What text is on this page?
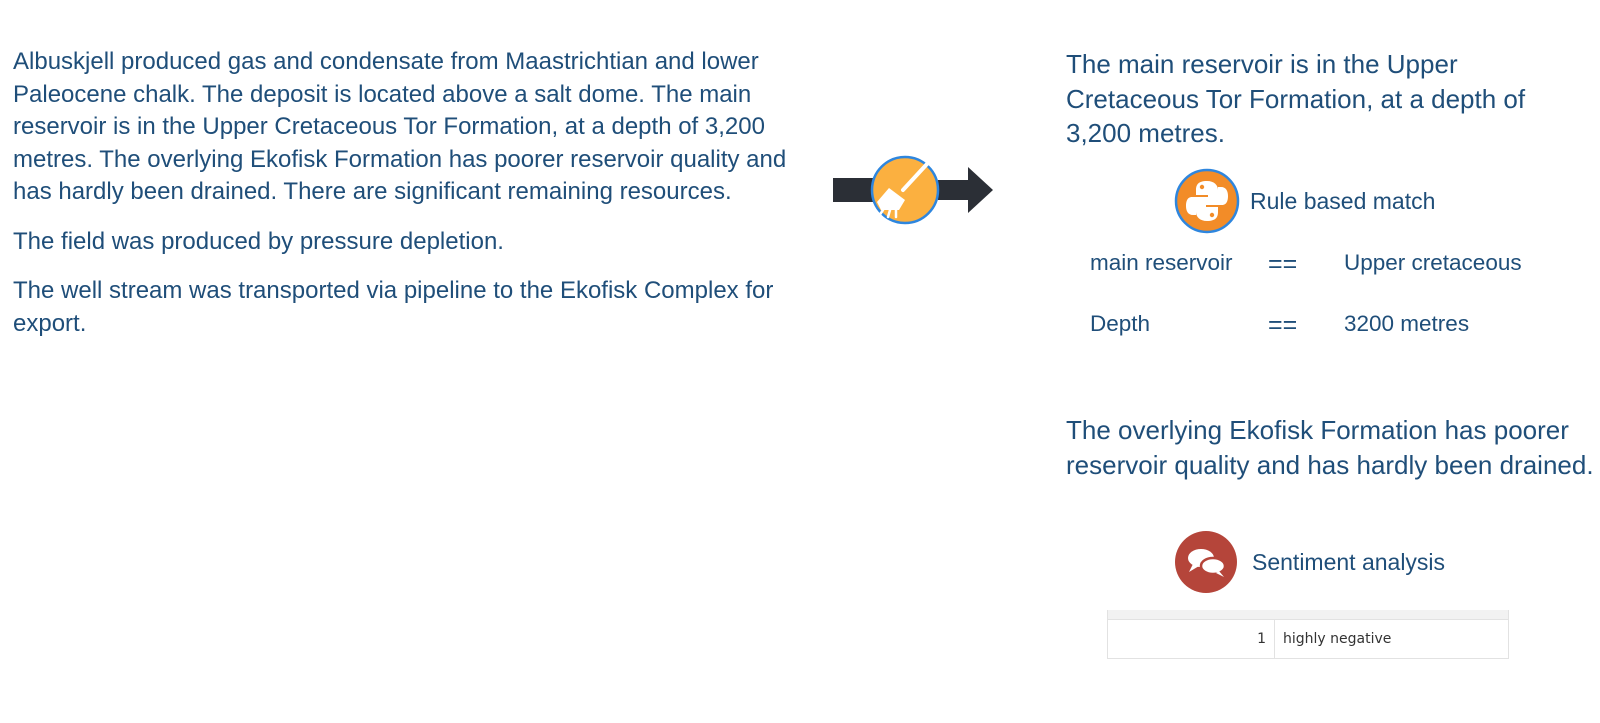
Albuskjell produced gas and condensate from Maastrichtian and lower Paleocene chalk. The deposit is located above a salt dome. The main reservoir is in the Upper Cretaceous Tor Formation, at a depth of 3,200 metres. The overlying Ekofisk Formation has poorer reservoir quality and has hardly been drained. There are significant remaining resources.

The field was produced by pressure depletion.

The well stream was transported via pipeline to the Ekofisk Complex for export.

The main reservoir is in the Upper Cretaceous Tor Formation, at a depth of 3,200 metres.
Rule based match
main reservoir	==	Upper cretaceous
Depth	==	3200 metres
The overlying Ekofisk Formation has poorer reservoir quality and has hardly been drained.
Sentiment analysis
1	highly negative
